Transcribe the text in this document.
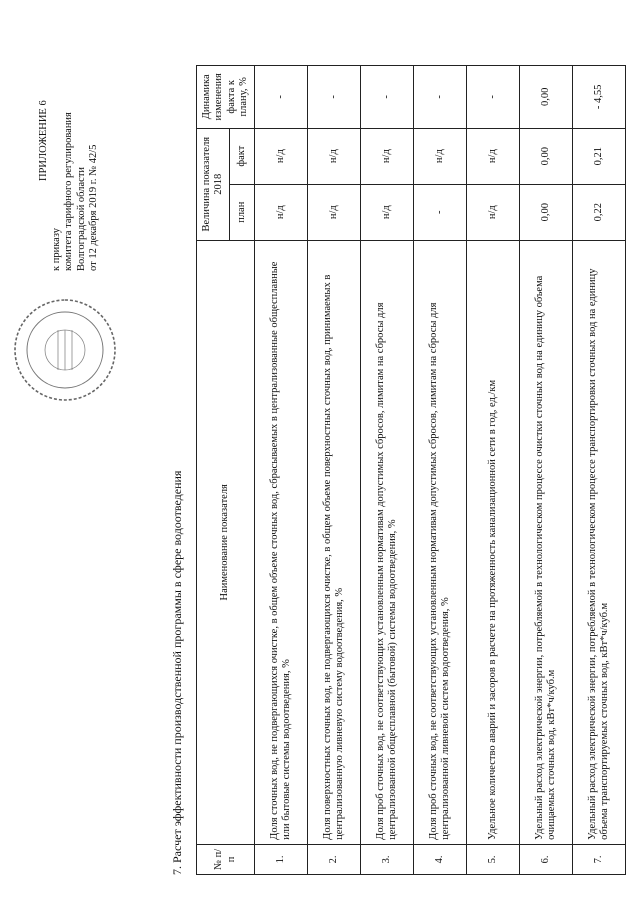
ПРИЛОЖЕНИЕ 6
к приказу комитета тарифного регулирования Волгоградской области от 12 декабря 2019 г. № 42/5
7. Расчет эффективности производственной программы в сфере водоотведения	№ п/п	Наименование показателя	Величина показателя 2018		Динамика изменения факта к плану, %
		план	факт	
1.	Доля сточных вод, не подвергающихся очистке, в общем объеме сточных вод, сбрасываемых в централизованные общесплавные или бытовые системы водоотведения, %	н/д	н/д	-
2.	Доля поверхностных сточных вод, не подвергающихся очистке, в общем объеме поверхностных сточных вод, принимаемых в централизованную ливневую систему водоотведения, %	н/д	н/д	-
3.	Доля проб сточных вод, не соответствующих установленным нормативам допустимых сбросов, лимитам на сбросы для централизованной общесплавной (бытовой) системы водоотведения, %	н/д	н/д	-
4.	Доля проб сточных вод, не соответствующих установленным нормативам допустимых сбросов, лимитам на сбросы для централизованной ливневой систем водоотведения, %	-	н/д	-
5.	Удельное количество аварий и засоров в расчете на протяженность канализационной сети в год, ед./км	н/д	н/д	-
6.	Удельный расход электрической энергии, потребляемой в технологическом процессе очистки сточных вод на единицу объема очищаемых сточных вод, кВт*ч/куб.м	0,00	0,00	0,00
7.	Удельный расход электрической энергии, потребляемой в технологическом процессе транспортировки сточных вод на единицу объема транспортируемых сточных вод, кВт*ч/куб.м	0,22	0,21	- 4,55
